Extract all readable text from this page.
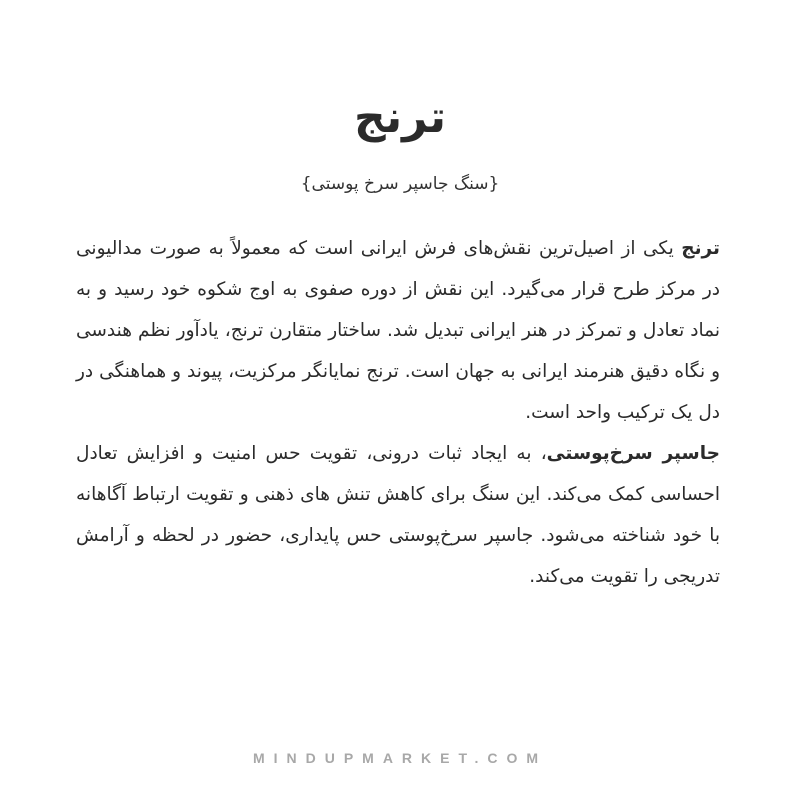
ترنج
{سنگ جاسپر سرخ پوستی}

ترنج یکی از اصیل‌ترین نقش‌های فرش ایرانی است که معمولاً به صورت مدالیونی در مرکز طرح قرار می‌گیرد. این نقش از دوره صفوی به اوج شکوه خود رسید و به نماد تعادل و تمرکز در هنر ایرانی تبدیل شد. ساختار متقارن ترنج، یادآور نظم هندسی و نگاه دقیق هنرمند ایرانی به جهان است. ترنج نمایانگر مرکزیت، پیوند و هماهنگی در دل یک ترکیب واحد است.

جاسپر سرخ‌پوستی، به ایجاد ثبات درونی، تقویت حس امنیت و افزایش تعادل احساسی کمک می‌کند. این سنگ برای کاهش تنش های ذهنی و تقویت ارتباط آگاهانه با خود شناخته می‌شود. جاسپر سرخ‌پوستی حس پایداری، حضور در لحظه و آرامش تدریجی را تقویت می‌کند.

MINDUPMARKET.COM
